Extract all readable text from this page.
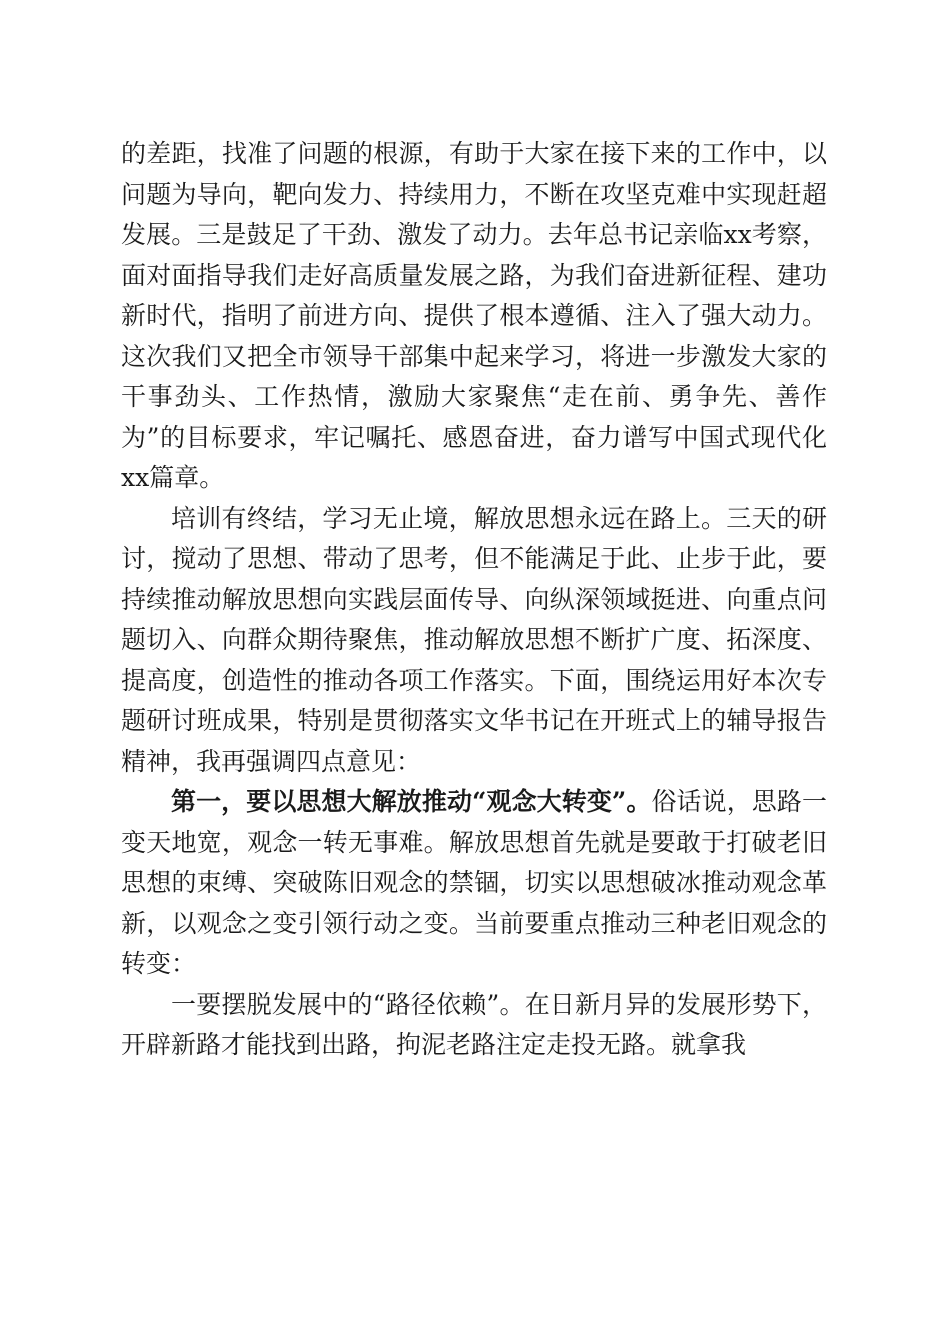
的差距，找准了问题的根源，有助于大家在接下来的工作中，以问题为导向，靶向发力、持续用力，不断在攻坚克难中实现赶超发展。三是鼓足了干劲、激发了动力。去年总书记亲临xx考察，面对面指导我们走好高质量发展之路，为我们奋进新征程、建功新时代，指明了前进方向、提供了根本遵循、注入了强大动力。这次我们又把全市领导干部集中起来学习，将进一步激发大家的干事劲头、工作热情，激励大家聚焦“走在前、勇争先、善作为”的目标要求，牢记嘱托、感恩奋进，奋力谱写中国式现代化xx篇章。

培训有终结，学习无止境，解放思想永远在路上。三天的研讨，搅动了思想、带动了思考，但不能满足于此、止步于此，要持续推动解放思想向实践层面传导、向纵深领域挺进、向重点问题切入、向群众期待聚焦，推动解放思想不断扩广度、拓深度、提高度，创造性的推动各项工作落实。下面，围绕运用好本次专题研讨班成果，特别是贯彻落实文华书记在开班式上的辅导报告精神，我再强调四点意见：

第一，要以思想大解放推动“观念大转变”。俗话说，思路一变天地宽，观念一转无事难。解放思想首先就是要敢于打破老旧思想的束缚、突破陈旧观念的禁锢，切实以思想破冰推动观念革新，以观念之变引领行动之变。当前要重点推动三种老旧观念的转变：

一要摆脱发展中的“路径依赖”。在日新月异的发展形势下，开辟新路才能找到出路，拘泥老路注定走投无路。就拿我
